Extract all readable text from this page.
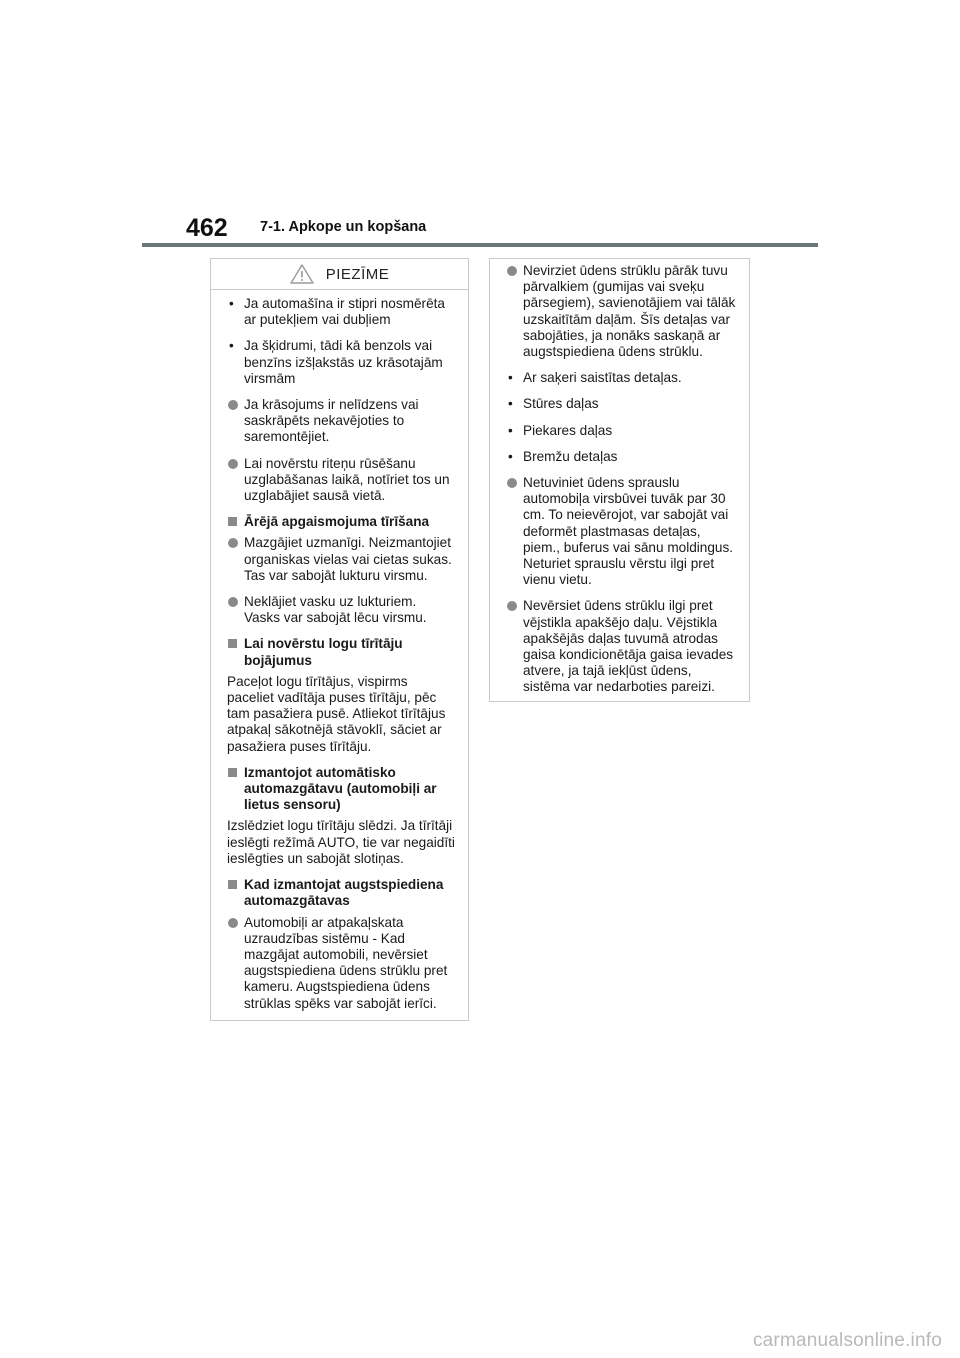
462 7-1. Apkope un kopšana
PIEZĪME
• Ja automašīna ir stipri nosmērēta ar putekļiem vai dubļiem
• Ja šķidrumi, tādi kā benzols vai benzīns izšļakstās uz krāsotajām virsmām
Ja krāsojums ir nelīdzens vai saskrāpēts nekavējoties to saremontējiet.
Lai novērstu riteņu rūsēšanu uzglabāšanas laikā, notīriet tos un uzglabājiet sausā vietā.
Ārējā apgaismojuma tīrīšana
Mazgājiet uzmanīgi. Neizmantojiet organiskas vielas vai cietas sukas. Tas var sabojāt lukturu virsmu.
Neklājiet vasku uz lukturiem. Vasks var sabojāt lēcu virsmu.
Lai novērstu logu tīrītāju bojājumus
Paceļot logu tīrītājus, vispirms paceliet vadītāja puses tīrītāju, pēc tam pasažiera pusē. Atliekot tīrītājus atpakaļ sākotnējā stāvoklī, sāciet ar pasažiera puses tīrītāju.
Izmantojot automātisko automazgātavu (automobiļi ar lietus sensoru)
Izslēdziet logu tīrītāju slēdzi. Ja tīrītāji ieslēgti režīmā AUTO, tie var negaidīti ieslēgties un sabojāt slotiņas.
Kad izmantojat augstspiediena automazgātavas
Automobiļi ar atpakaļskata uzraudzības sistēmu - Kad mazgājat automobili, nevērsiet augstspiediena ūdens strūklu pret kameru. Augstspiediena ūdens strūklas spēks var sabojāt ierīci.
Nevirziet ūdens strūklu pārāk tuvu pārvalkiem (gumijas vai sveķu pārsegiem), savienotājiem vai tālāk uzskaitītām daļām. Šīs detaļas var sabojāties, ja nonāks saskaņā ar augstspiediena ūdens strūklu.
• Ar saķeri saistītas detaļas.
• Stūres daļas
• Piekares daļas
• Bremžu detaļas
Netuviniet ūdens sprauslu automobiļa virsbūvei tuvāk par 30 cm. To neievērojot, var sabojāt vai deformēt plastmasas detaļas, piem., buferus vai sānu moldingus. Neturiet sprauslu vērstu ilgi pret vienu vietu.
Nevērsiet ūdens strūklu ilgi pret vējstikla apakšējo daļu. Vējstikla apakšējās daļas tuvumā atrodas gaisa kondicionētāja gaisa ievades atvere, ja tajā iekļūst ūdens, sistēma var nedarboties pareizi.
carmanualsonline.info
